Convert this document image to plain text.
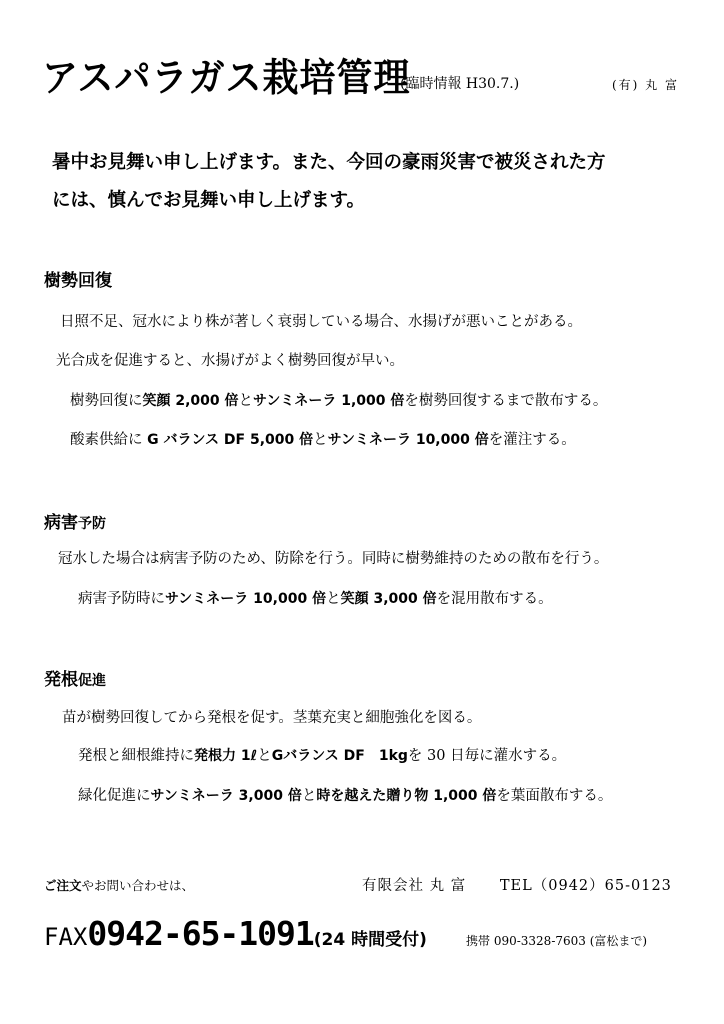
アスパラガス栽培管理
(臨時情報 H30.7.)	(有) 丸 富
暑中お見舞い申し上げます。また、今回の豪雨災害で被災された方
には、慎んでお見舞い申し上げます。
樹勢回復
日照不足、冠水により株が著しく衰弱している場合、水揚げが悪いことがある。
光合成を促進すると、水揚げがよく樹勢回復が早い。
樹勢回復に笑顔 2,000 倍とサンミネーラ 1,000 倍を樹勢回復するまで散布する。
酸素供給に G バランス DF 5,000 倍とサンミネーラ 10,000 倍を灌注する。
病害予防
冠水した場合は病害予防のため、防除を行う。同時に樹勢維持のための散布を行う。
病害予防時にサンミネーラ 10,000 倍と笑顔 3,000 倍を混用散布する。
発根促進
苗が樹勢回復してから発根を促す。茎葉充実と細胞強化を図る。
発根と細根維持に発根力 1ℓとGバランス DF　1kgを 30 日毎に灌水する。
緑化促進にサンミネーラ 3,000 倍と時を越えた贈り物 1,000 倍を葉面散布する。
ご注文やお問い合わせは、	有限会社 丸 富 TEL（0942）65-0123
FAX0942-65-1091(24 時間受付)	携帯 090-3328-7603 (富松まで)
